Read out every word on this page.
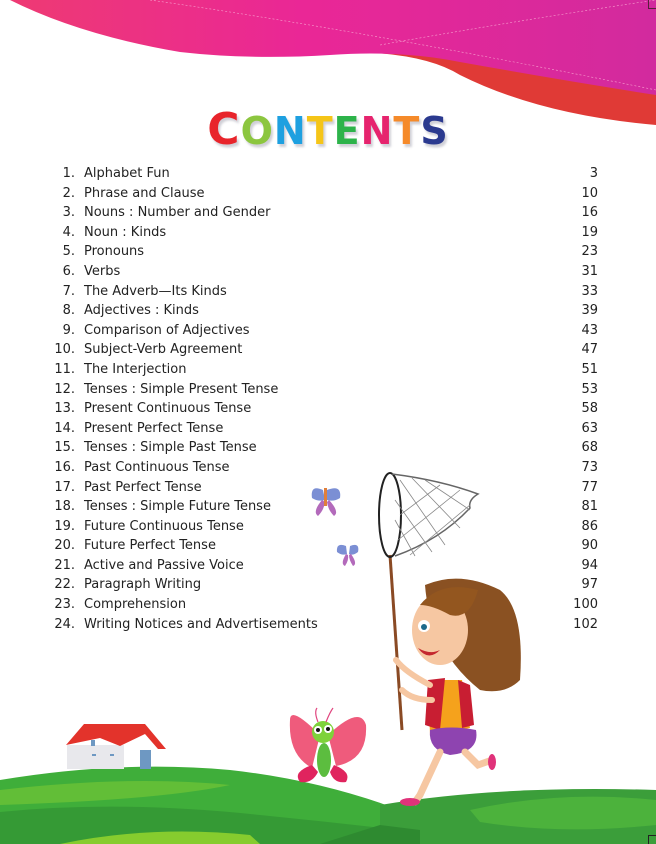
CONTENTS
1. Alphabet Fun	3
2. Phrase and Clause	10
3. Nouns : Number and Gender	16
4. Noun : Kinds	19
5. Pronouns	23
6. Verbs	31
7. The Adverb—Its Kinds	33
8. Adjectives : Kinds	39
9. Comparison of Adjectives	43
10. Subject-Verb Agreement	47
11. The Interjection	51
12. Tenses : Simple Present Tense	53
13. Present Continuous Tense	58
14. Present Perfect Tense	63
15. Tenses : Simple Past Tense	68
16. Past Continuous Tense	73
17. Past Perfect Tense	77
18. Tenses : Simple Future Tense	81
19. Future Continuous Tense	86
20. Future Perfect Tense	90
21. Active and Passive Voice	94
22. Paragraph Writing	97
23. Comprehension	100
24. Writing Notices and Advertisements	102
